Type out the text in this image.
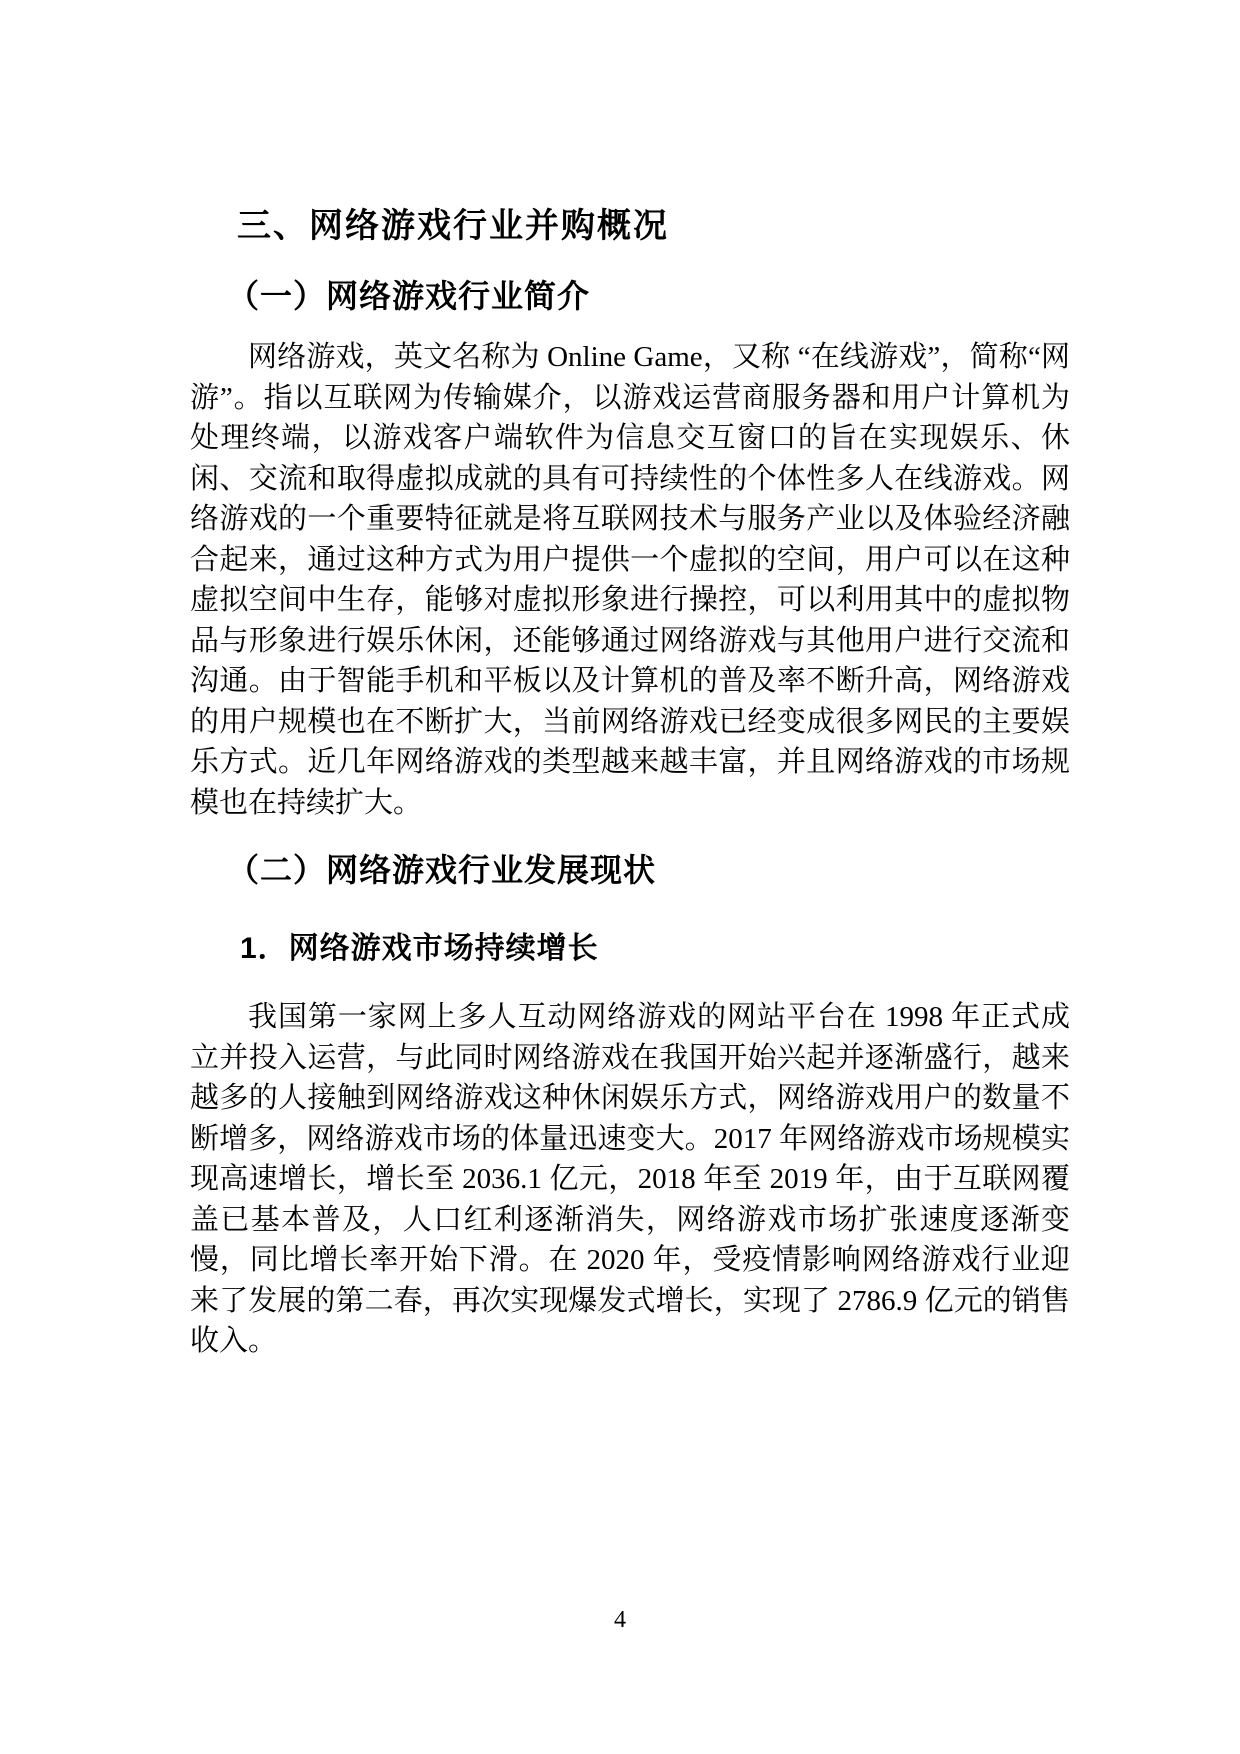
三、网络游戏行业并购概况
（一）网络游戏行业简介

网络游戏，英文名称为 Online Game，又称 “在线游戏”，简称“网游”。指以互联网为传输媒介，以游戏运营商服务器和用户计算机为处理终端，以游戏客户端软件为信息交互窗口的旨在实现娱乐、休闲、交流和取得虚拟成就的具有可持续性的个体性多人在线游戏。网络游戏的一个重要特征就是将互联网技术与服务产业以及体验经济融合起来，通过这种方式为用户提供一个虚拟的空间，用户可以在这种虚拟空间中生存，能够对虚拟形象进行操控，可以利用其中的虚拟物品与形象进行娱乐休闲，还能够通过网络游戏与其他用户进行交流和沟通。由于智能手机和平板以及计算机的普及率不断升高，网络游戏的用户规模也在不断扩大，当前网络游戏已经变成很多网民的主要娱乐方式。近几年网络游戏的类型越来越丰富，并且网络游戏的市场规模也在持续扩大。

（二）网络游戏行业发展现状
1．网络游戏市场持续增长

我国第一家网上多人互动网络游戏的网站平台在 1998 年正式成立并投入运营，与此同时网络游戏在我国开始兴起并逐渐盛行，越来越多的人接触到网络游戏这种休闲娱乐方式，网络游戏用户的数量不断增多，网络游戏市场的体量迅速变大。2017 年网络游戏市场规模实现高速增长，增长至 2036.1 亿元，2018 年至 2019 年，由于互联网覆盖已基本普及，人口红利逐渐消失，网络游戏市场扩张速度逐渐变慢，同比增长率开始下滑。在 2020 年，受疫情影响网络游戏行业迎来了发展的第二春，再次实现爆发式增长，实现了 2786.9 亿元的销售收入。

4
